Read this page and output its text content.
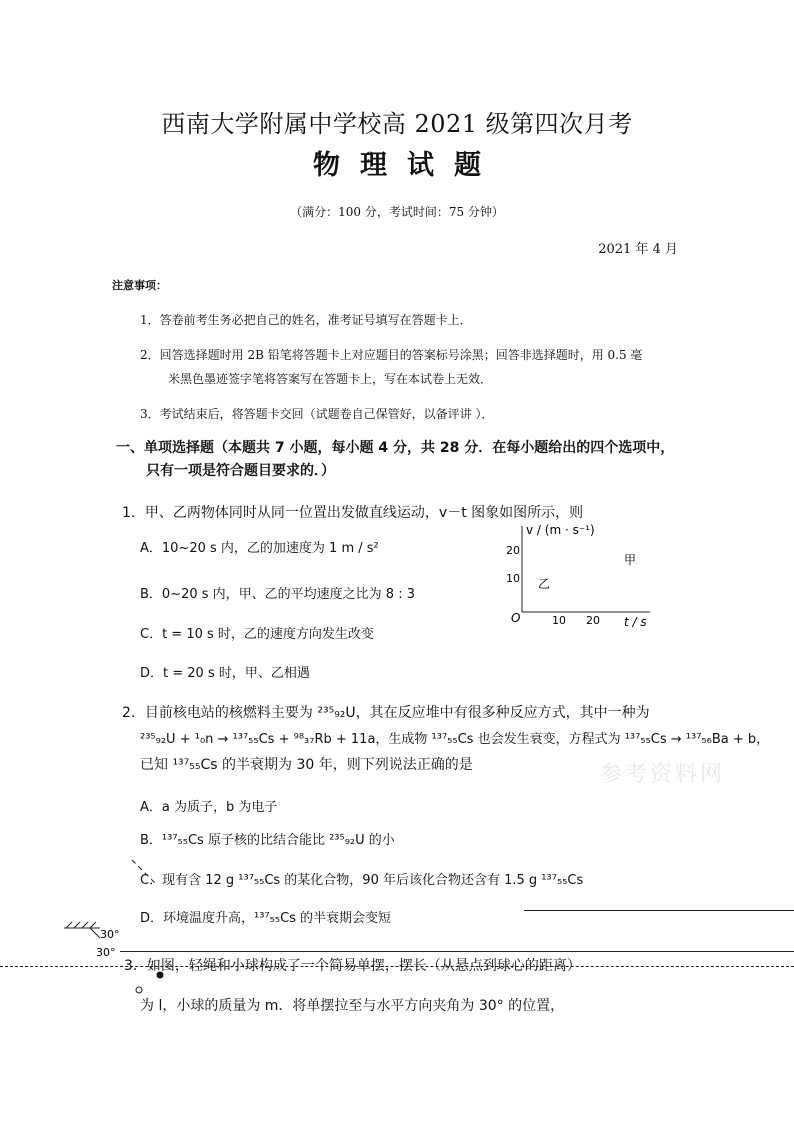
西南大学附属中学校高 2021 级第四次月考
物理试题
（满分：100 分，考试时间：75 分钟）
2021 年 4 月
注意事项：
1．答卷前考生务必把自己的姓名，准考证号填写在答题卡上．
2．回答选择题时用 2B 铅笔将答题卡上对应题目的答案标号涂黑；回答非选择题时，用 0.5 毫
米黑色墨迹签字笔将答案写在答题卡上，写在本试卷上无效．
3．考试结束后，将答题卡交回（试题卷自己保管好，以备评讲 ）．
一、单项选择题（本题共 7 小题，每小题 4 分，共 28 分．在每小题给出的四个选项中，
只有一项是符合题目要求的．）
1．甲、乙两物体同时从同一位置出发做直线运动，v－t 图象如图所示，则
A．10~20 s 内，乙的加速度为 1 m / s²
B．0~20 s 内，甲、乙的平均速度之比为 8 : 3
C．t = 10 s 时，乙的速度方向发生改变
D．t = 20 s 时，甲、乙相遇
v / (m · s⁻¹)
t / s
O
20
10
10 20
甲
乙
2．目前核电站的核燃料主要为 ²³⁵₉₂U，其在反应堆中有很多种反应方式，其中一种为
²³⁵₉₂U + ¹₀n → ¹³⁷₅₅Cs + ⁹⁸₃₇Rb + 11a，生成物 ¹³⁷₅₅Cs 也会发生衰变，方程式为 ¹³⁷₅₅Cs → ¹³⁷₅₆Ba + b，
已知 ¹³⁷₅₅Cs 的半衰期为 30 年，则下列说法正确的是
A．a 为质子，b 为电子
B．¹³⁷₅₅Cs 原子核的比结合能比 ²³⁵₉₂U 的小
C．现有含 12 g ¹³⁷₅₅Cs 的某化合物，90 年后该化合物还含有 1.5 g ¹³⁷₅₅Cs
D．环境温度升高，¹³⁷₅₅Cs 的半衰期会变短
参考资料网
30°
30°
3．如图，轻绳和小球构成了一个简易单摆，摆长（从悬点到球心的距离）
为 l，小球的质量为 m．将单摆拉至与水平方向夹角为 30° 的位置，
